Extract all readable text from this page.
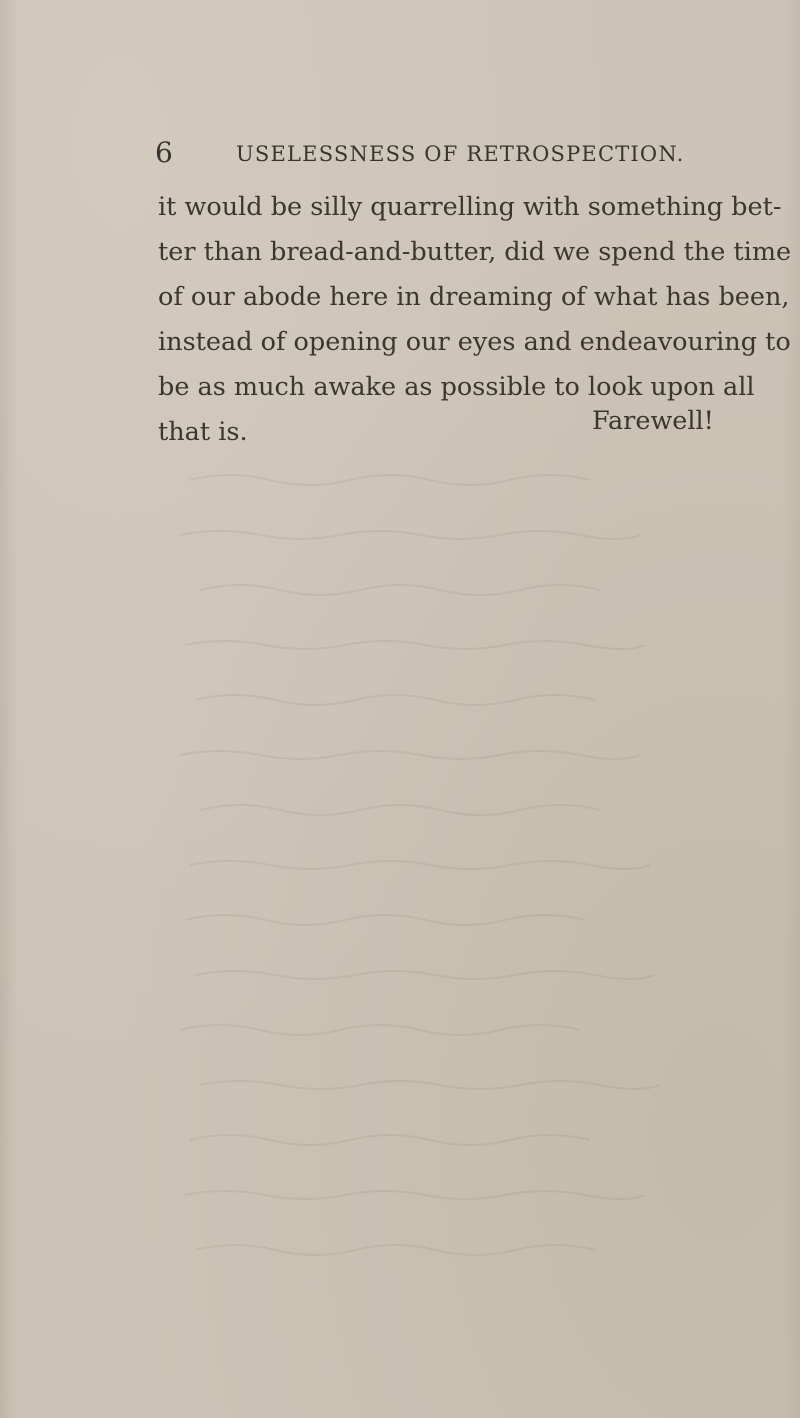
6	USELESSNESS OF RETROSPECTION.
it would be silly quarrelling with something bet-
ter than bread-and-butter, did we spend the time
of our abode here in dreaming of what has been,
instead of opening our eyes and endeavouring to
be as much awake as possible to look upon all
that is.	Farewell!
